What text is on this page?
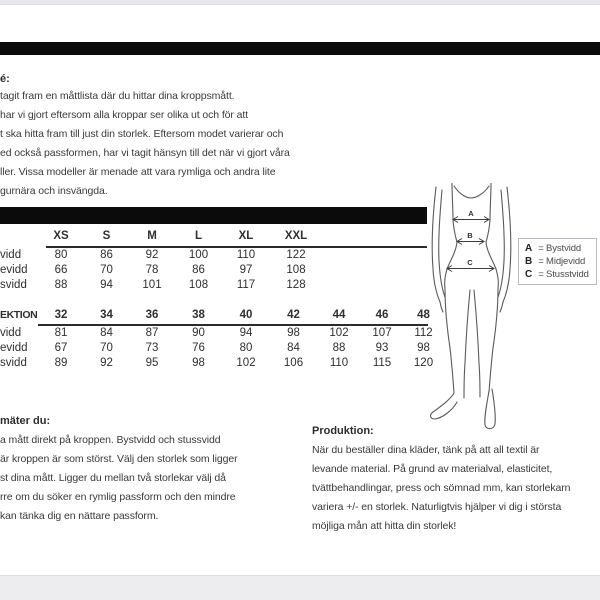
é:
tagit fram en måttlista där du hittar dina kroppsmått.
har vi gjort eftersom alla kroppar ser olika ut och för att
t ska hitta fram till just din storlek. Eftersom modet varierar och
ed också passformen, har vi tagit hänsyn till det när vi gjort våra
ller. Vissa modeller är menade att vara rymliga och andra lite
gurnära och insvängda.
XS	S	M	L	XL	XXL
vidd	80	86	92	100	110	122
evidd	66	70	78	86	97	108
svidd	88	94	101	108	117	128
EKTION	32	34	36	38	40	42	44	46	48
vidd	81	84	87	90	94	98	102	107	112
evidd	67	70	73	76	80	84	88	93	98
svidd	89	92	95	98	102	106	110	115	120
A
B
C
A = Bystvidd
B = Midjevidd
C = Stusstvidd
mäter du:
a mått direkt på kroppen. Bystvidd och stussvidd
är kroppen är som störst. Välj den storlek som ligger
st dina mått. Ligger du mellan två storlekar välj då
rre om du söker en rymlig passform och den mindre
kan tänka dig en nättare passform.
Produktion:
När du beställer dina kläder, tänk på att all textil är
levande material. På grund av materialval, elasticitet,
tvättbehandlingar, press och sömnad mm, kan storlekarn
variera +/- en storlek. Naturligtvis hjälper vi dig i största
möjliga mån att hitta din storlek!
